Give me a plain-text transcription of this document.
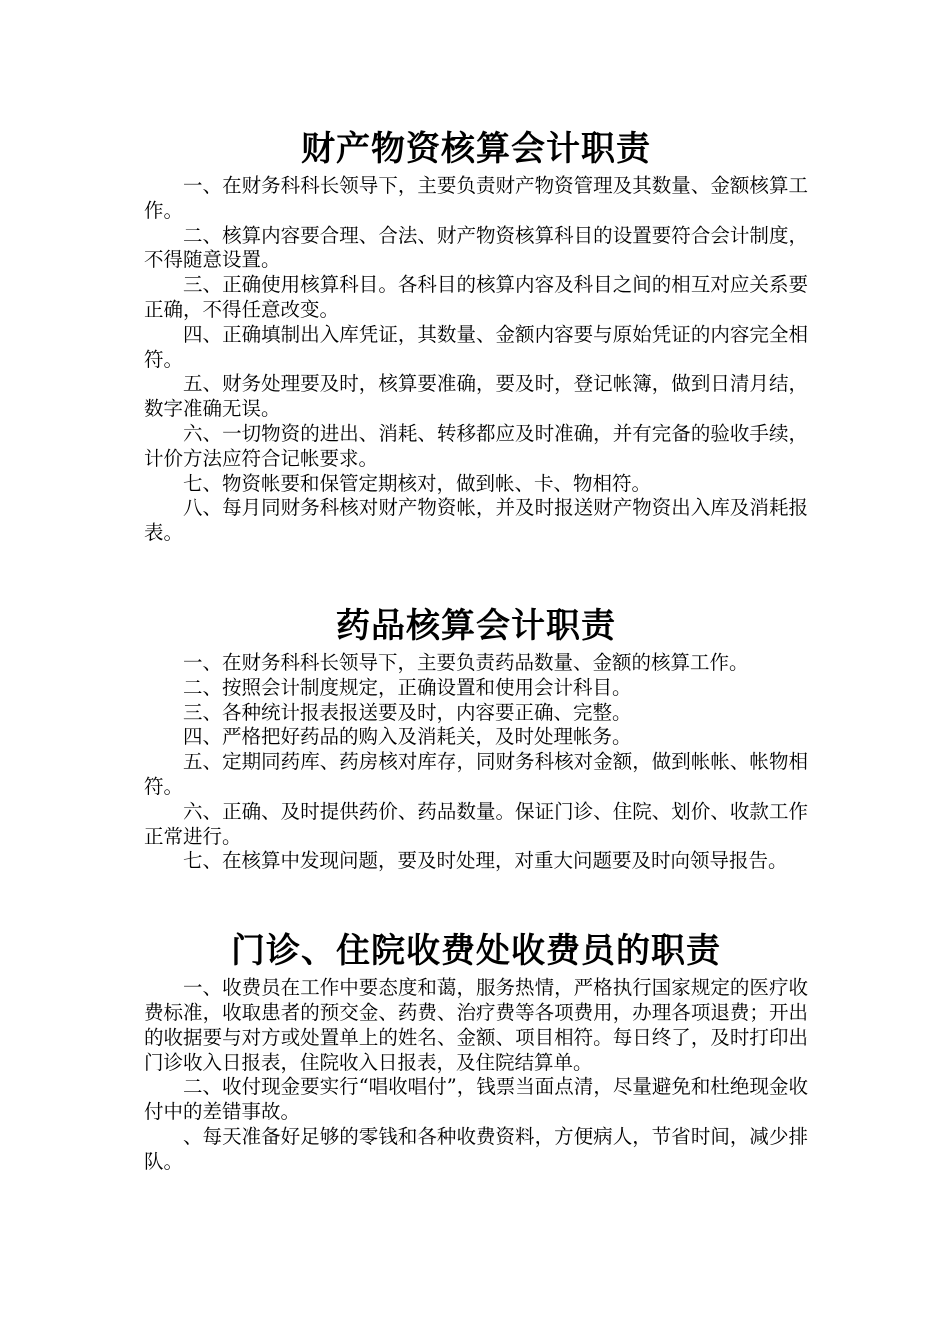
财产物资核算会计职责

一、在财务科科长领导下，主要负责财产物资管理及其数量、金额核算工作。

二、核算内容要合理、合法、财产物资核算科目的设置要符合会计制度，不得随意设置。

三、正确使用核算科目。各科目的核算内容及科目之间的相互对应关系要正确，不得任意改变。

四、正确填制出入库凭证，其数量、金额内容要与原始凭证的内容完全相符。

五、财务处理要及时，核算要准确，要及时，登记帐簿，做到日清月结，数字准确无误。

六、一切物资的进出、消耗、转移都应及时准确，并有完备的验收手续，计价方法应符合记帐要求。

七、物资帐要和保管定期核对，做到帐、卡、物相符。

八、每月同财务科核对财产物资帐，并及时报送财产物资出入库及消耗报表。

药品核算会计职责

一、在财务科科长领导下，主要负责药品数量、金额的核算工作。

二、按照会计制度规定，正确设置和使用会计科目。

三、各种统计报表报送要及时，内容要正确、完整。

四、严格把好药品的购入及消耗关，及时处理帐务。

五、定期同药库、药房核对库存，同财务科核对金额，做到帐帐、帐物相符。

六、正确、及时提供药价、药品数量。保证门诊、住院、划价、收款工作正常进行。

七、在核算中发现问题，要及时处理，对重大问题要及时向领导报告。

门诊、住院收费处收费员的职责

一、收费员在工作中要态度和蔼，服务热情，严格执行国家规定的医疗收费标准，收取患者的预交金、药费、治疗费等各项费用，办理各项退费；开出的收据要与对方或处置单上的姓名、金额、项目相符。每日终了，及时打印出门诊收入日报表，住院收入日报表，及住院结算单。

二、收付现金要实行“唱收唱付”，钱票当面点清，尽量避免和杜绝现金收付中的差错事故。

、每天准备好足够的零钱和各种收费资料，方便病人，节省时间，减少排队。
